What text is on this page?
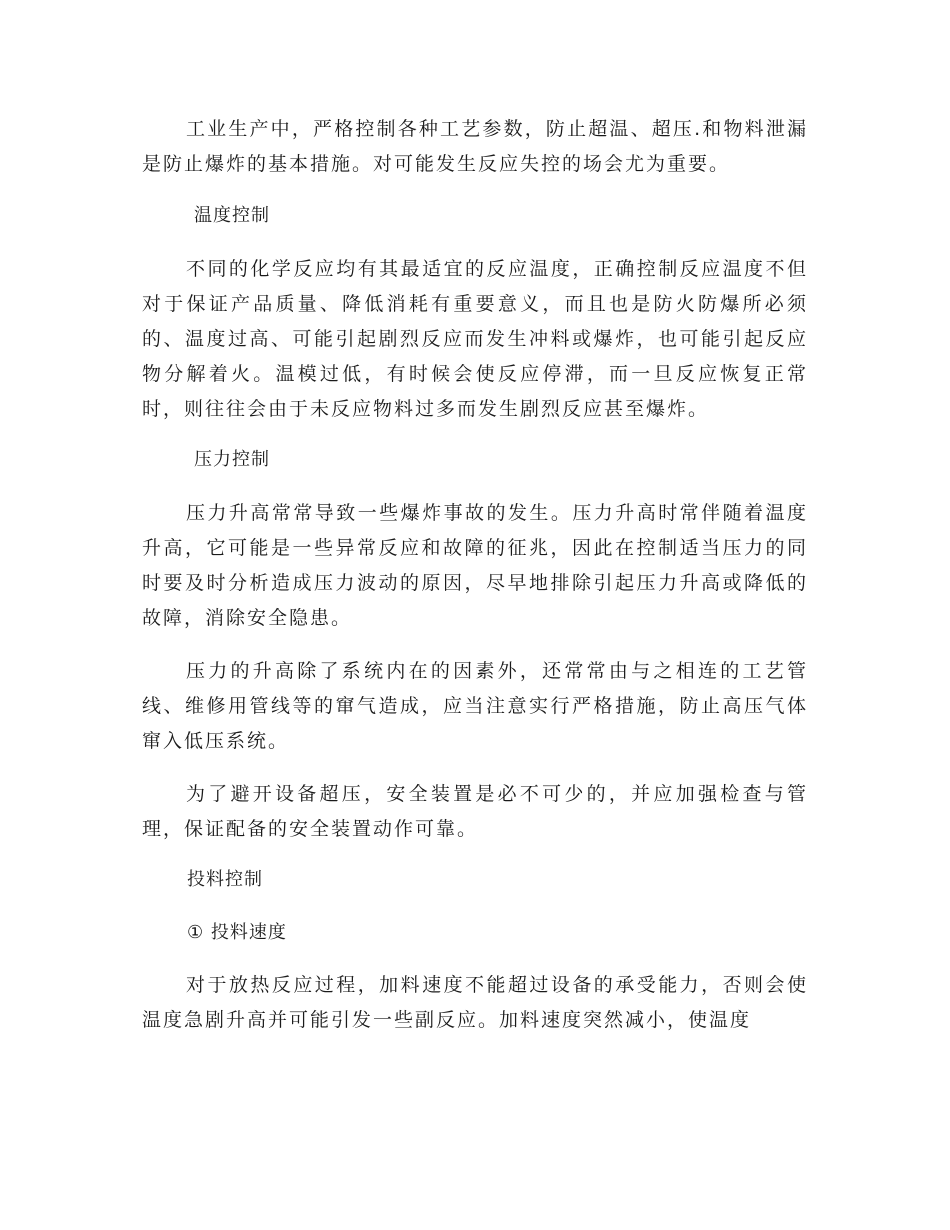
工业生产中，严格控制各种工艺参数，防止超温、超压.和物料泄漏是防止爆炸的基本措施。对可能发生反应失控的场会尤为重要。

温度控制

不同的化学反应均有其最适宜的反应温度，正确控制反应温度不但对于保证产品质量、降低消耗有重要意义，而且也是防火防爆所必须的、温度过高、可能引起剧烈反应而发生冲料或爆炸，也可能引起反应物分解着火。温模过低，有时候会使反应停滞，而一旦反应恢复正常时，则往往会由于未反应物料过多而发生剧烈反应甚至爆炸。

压力控制

压力升高常常导致一些爆炸事故的发生。压力升高时常伴随着温度升高，它可能是一些异常反应和故障的征兆，因此在控制适当压力的同时要及时分析造成压力波动的原因，尽早地排除引起压力升高或降低的故障，消除安全隐患。

压力的升高除了系统内在的因素外，还常常由与之相连的工艺管线、维修用管线等的窜气造成，应当注意实行严格措施，防止高压气体窜入低压系统。

为了避开设备超压，安全装置是必不可少的，并应加强检查与管理，保证配备的安全装置动作可靠。

投料控制

① 投料速度

对于放热反应过程，加料速度不能超过设备的承受能力，否则会使温度急剧升高并可能引发一些副反应。加料速度突然减小，使温度
